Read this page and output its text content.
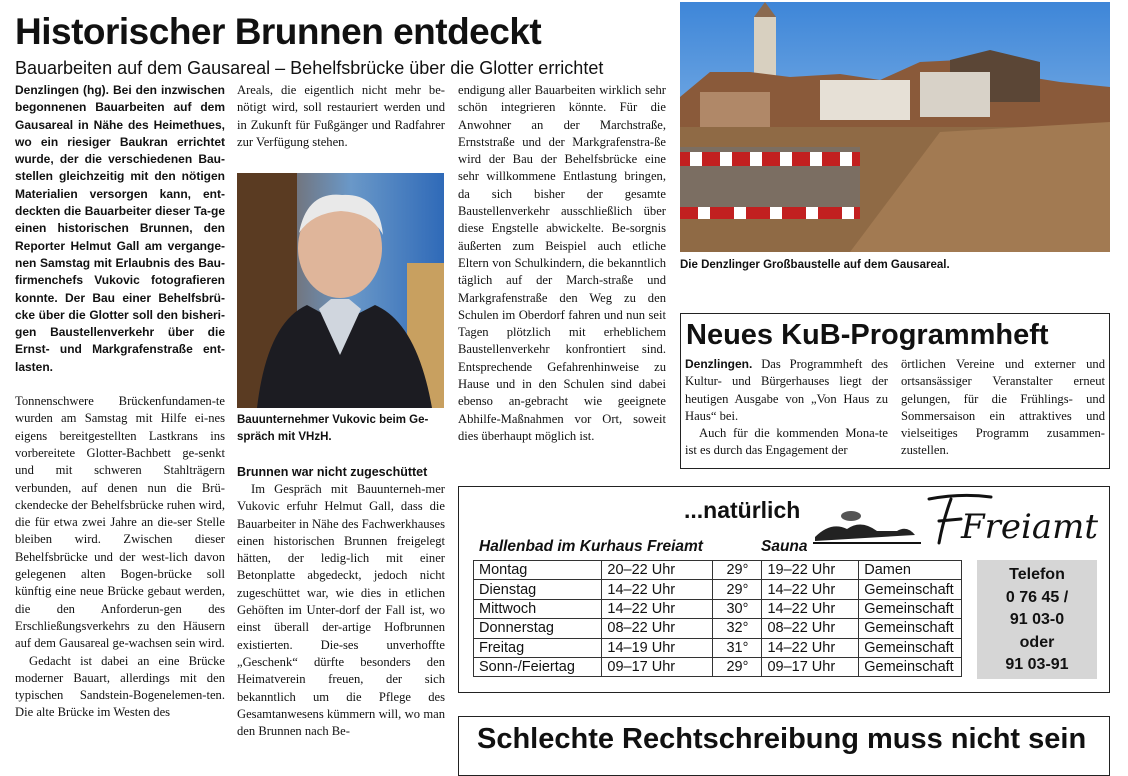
Historischer Brunnen entdeckt
Bauarbeiten auf dem Gausareal – Behelfsbrücke über die Glotter errichtet

Denzlingen (hg). Bei den inzwischen begonnenen Bauarbeiten auf dem Gausareal in Nähe des Heimethues, wo ein riesiger Baukran errichtet wurde, der die verschiedenen Bau-stellen gleichzeitig mit den nötigen Materialien versorgen kann, ent-deckten die Bauarbeiter dieser Ta-ge einen historischen Brunnen, den Reporter Helmut Gall am vergange-nen Samstag mit Erlaubnis des Bau-firmenchefs Vukovic fotografieren konnte. Der Bau einer Behelfsbrü-cke über die Glotter soll den bisheri-gen Baustellenverkehr über die Ernst- und Markgrafenstraße ent-lasten.

Tonnenschwere Brückenfundamen-te wurden am Samstag mit Hilfe ei-nes eigens bereitgestellten Lastkrans ins vorbereitete Glotter-Bachbett ge-senkt und mit schweren Stahlträgern verbunden, auf denen nun die Brü-ckendecke der Behelfsbrücke ruhen wird, die für etwa zwei Jahre an die-ser Stelle bleiben wird. Zwischen dieser Behelfsbrücke und der west-lich davon gelegenen alten Bogen-brücke soll künftig eine neue Brücke gebaut werden, die den Anforderun-gen des Erschließungsverkehrs zu den Häusern auf dem Gausareal ge-wachsen sein wird.

Gedacht ist dabei an eine Brücke moderner Bauart, allerdings mit den typischen Sandstein-Bogenelemen-ten. Die alte Brücke im Westen des

Areals, die eigentlich nicht mehr be-nötigt wird, soll restauriert werden und in Zukunft für Fußgänger und Radfahrer zur Verfügung stehen.

Bauunternehmer Vukovic beim Ge-spräch mit VHzH.

Brunnen war nicht zugeschüttet

Im Gespräch mit Bauunterneh-mer Vukovic erfuhr Helmut Gall, dass die Bauarbeiter in Nähe des Fachwerkhauses einen historischen Brunnen freigelegt hätten, der ledig-lich mit einer Betonplatte abgedeckt, jedoch nicht zugeschüttet war, wie dies in etlichen Gehöften im Unter-dorf der Fall ist, wo einst überall der-artige Hofbrunnen existierten. Die-ses unverhoffte „Geschenk“ dürfte besonders den Heimatverein freuen, der sich bekanntlich um die Pflege des Gesamtanwesens kümmern will, wo man den Brunnen nach Be-

endigung aller Bauarbeiten wirklich sehr schön integrieren könnte. Für die Anwohner an der Marchstraße, Ernststraße und der Markgrafenstra-ße wird der Bau der Behelfsbrücke eine sehr willkommene Entlastung bringen, da sich bisher der gesamte Baustellenverkehr ausschließlich über diese Engstelle abwickelte. Be-sorgnis äußerten zum Beispiel auch etliche Eltern von Schulkindern, die bekanntlich täglich auf der March-straße und Markgrafenstraße den Weg zu den Schulen im Oberdorf fahren und nun seit Tagen plötzlich mit erheblichem Baustellenverkehr konfrontiert sind. Entsprechende Gefahrenhinweise zu Hause und in den Schulen sind dabei ebenso an-gebracht wie geeignete Abhilfe-Maßnahmen vor Ort, soweit dies überhaupt möglich ist.

Die Denzlinger Großbaustelle auf dem Gausareal.
Neues KuB-Programmheft

Denzlingen. Das Programmheft des Kultur- und Bürgerhauses liegt der heutigen Ausgabe von „Von Haus zu Haus“ bei.

Auch für die kommenden Mona-te ist es durch das Engagement der

örtlichen Vereine und externer und ortsansässiger Veranstalter erneut gelungen, für die Frühlings- und Sommersaison ein attraktives und vielseitiges Programm zusammen-zustellen.

...natürlich	Freiamt
Hallenbad im Kurhaus Freiamt	Sauna
Montag	20–22 Uhr	29°	19–22 Uhr	Damen
Dienstag	14–22 Uhr	29°	14–22 Uhr	Gemeinschaft
Mittwoch	14–22 Uhr	30°	14–22 Uhr	Gemeinschaft
Donnerstag	08–22 Uhr	32°	08–22 Uhr	Gemeinschaft
Freitag	14–19 Uhr	31°	14–22 Uhr	Gemeinschaft
Sonn-/Feiertag	09–17 Uhr	29°	09–17 Uhr	Gemeinschaft
Telefon
0 76 45 /
91 03-0
oder
91 03-91
Schlechte Rechtschreibung muss nicht sein
